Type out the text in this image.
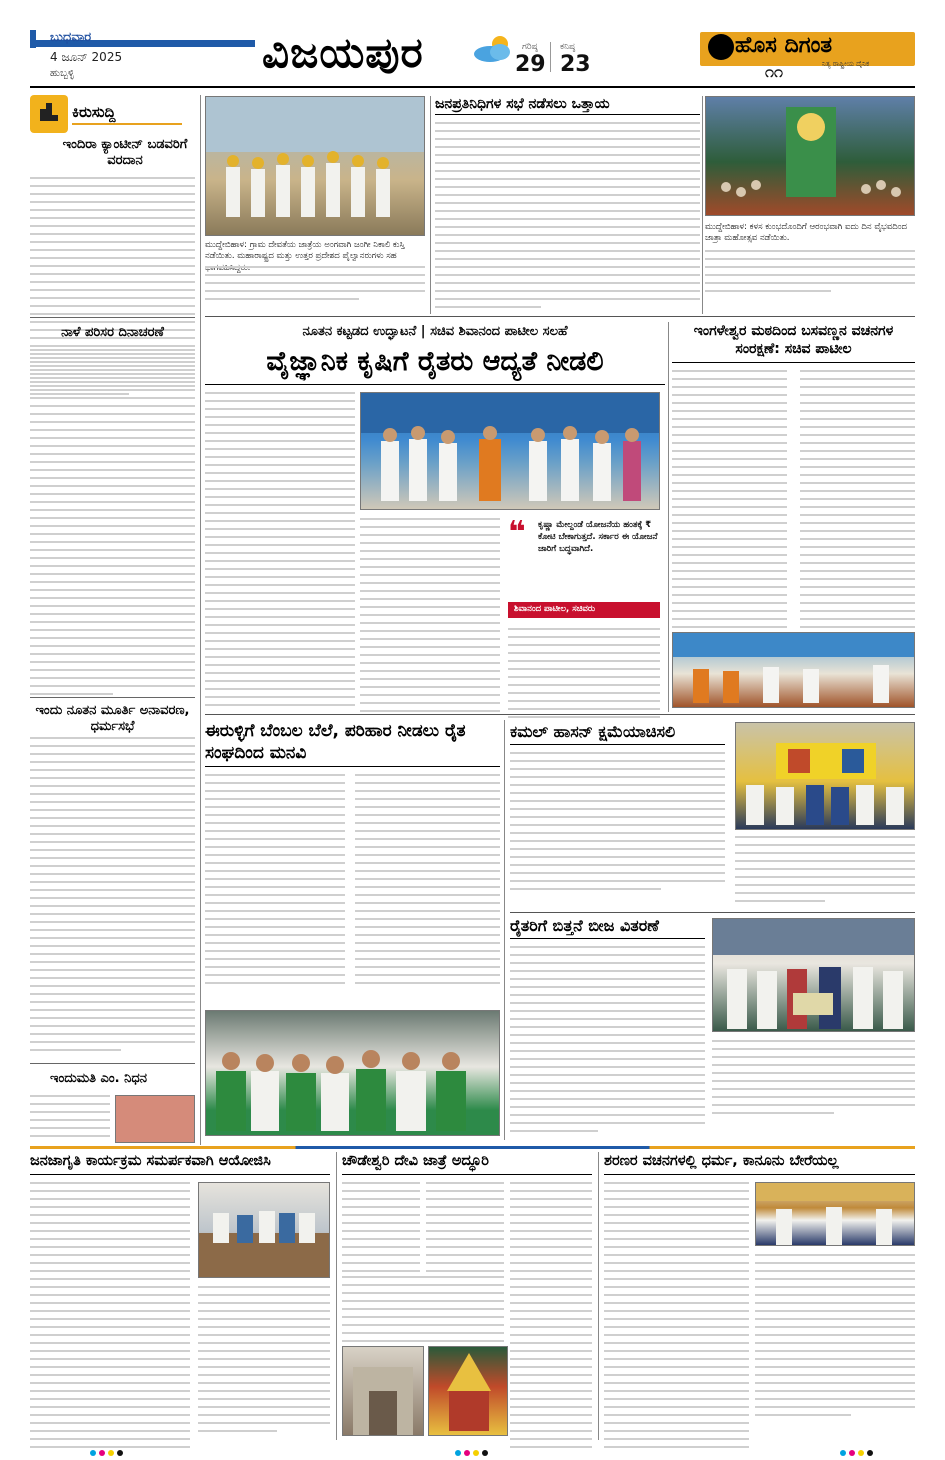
ಬುಧವಾರ
4 ಜೂನ್ 2025
ಹುಬ್ಬಳ್ಳಿ	ವಿಜಯಪುರ	ಗರಿಷ್ಠ
29
ಕನಿಷ್ಠ
23
ಹೊಸ ದಿಗಂತ
೧೧	ನಿತ್ಯ ರಾಷ್ಟ್ರೀಯ ದೈನಿಕ
ಕಿರುಸುದ್ದಿ
ಇಂದಿರಾ ಕ್ಯಾಂಟೀನ್ ಬಡವರಿಗೆ ವರದಾನ
ನಾಳೆ ಪರಿಸರ ದಿನಾಚರಣೆ
ಇಂದು ನೂತನ ಮೂರ್ತಿ ಅನಾವರಣ, ಧರ್ಮಸಭೆ
ಇಂದುಮತಿ ಎಂ. ನಿಧನ
ಮುದ್ದೇಬಿಹಾಳ: ಗ್ರಾಮ ದೇವತೆಯ ಜಾತ್ರೆಯ ಅಂಗವಾಗಿ ಜಂಗೀ ನಿಕಾಲಿ ಕುಸ್ತಿ ನಡೆಯಿತು. ಮಹಾರಾಷ್ಟ್ರದ ಮತ್ತು ಉತ್ತರ ಪ್ರದೇಶದ ಪೈಲ್ವಾನರುಗಳು ಸಹ
ಜನಪ್ರತಿನಿಧಿಗಳ ಸಭೆ ನಡೆಸಲು ಒತ್ತಾಯ
ಮುದ್ದೇಬಿಹಾಳ: ಕಳಸ ಕುಂಭದೊಂದಿಗೆ ಆರಂಭವಾಗಿ ಐದು ದಿನ ವೈಭವದಿಂದ ಜಾತ್ರಾ ಮಹೋತ್ಸವ ನಡೆಯಿತು.
ನೂತನ ಕಟ್ಟಡದ ಉದ್ಘಾಟನೆ | ಸಚಿವ ಶಿವಾನಂದ ಪಾಟೀಲ ಸಲಹೆ
ವೈಜ್ಞಾನಿಕ ಕೃಷಿಗೆ ರೈತರು ಆದ್ಯತೆ ನೀಡಲಿ
❝ ಕೃಷ್ಣಾ ಮೇಲ್ದಂಡೆ ಯೋಜನೆಯ ಹಂತಕ್ಕೆ ₹ ಕೋಟಿ ಬೇಕಾಗುತ್ತದೆ. ಸರ್ಕಾರ ಈ ಯೋಜನೆ ಜಾರಿಗೆ ಬದ್ಧವಾಗಿದೆ.
ಶಿವಾನಂದ ಪಾಟೀಲ, ಸಚಿವರು
ಇಂಗಳೇಶ್ವರ ಮಠದಿಂದ ಬಸವಣ್ಣನ ವಚನಗಳ ಸಂರಕ್ಷಣೆ: ಸಚಿವ ಪಾಟೀಲ
ಈರುಳ್ಳಿಗೆ ಬೆಂಬಲ ಬೆಲೆ, ಪರಿಹಾರ ನೀಡಲು ರೈತ ಸಂಘದಿಂದ ಮನವಿ
ಕಮಲ್ ಹಾಸನ್ ಕ್ಷಮೆಯಾಚಿಸಲಿ
ರೈತರಿಗೆ ಬಿತ್ತನೆ ಬೀಜ ವಿತರಣೆ
ಜನಜಾಗೃತಿ ಕಾರ್ಯಕ್ರಮ ಸಮರ್ಪಕವಾಗಿ ಆಯೋಜಿಸಿ	ಚೌಡೇಶ್ವರಿ ದೇವಿ ಜಾತ್ರೆ ಅದ್ಧೂರಿ	ಶರಣರ ವಚನಗಳಲ್ಲಿ ಧರ್ಮ, ಕಾನೂನು ಬೇರೆಯಲ್ಲ
